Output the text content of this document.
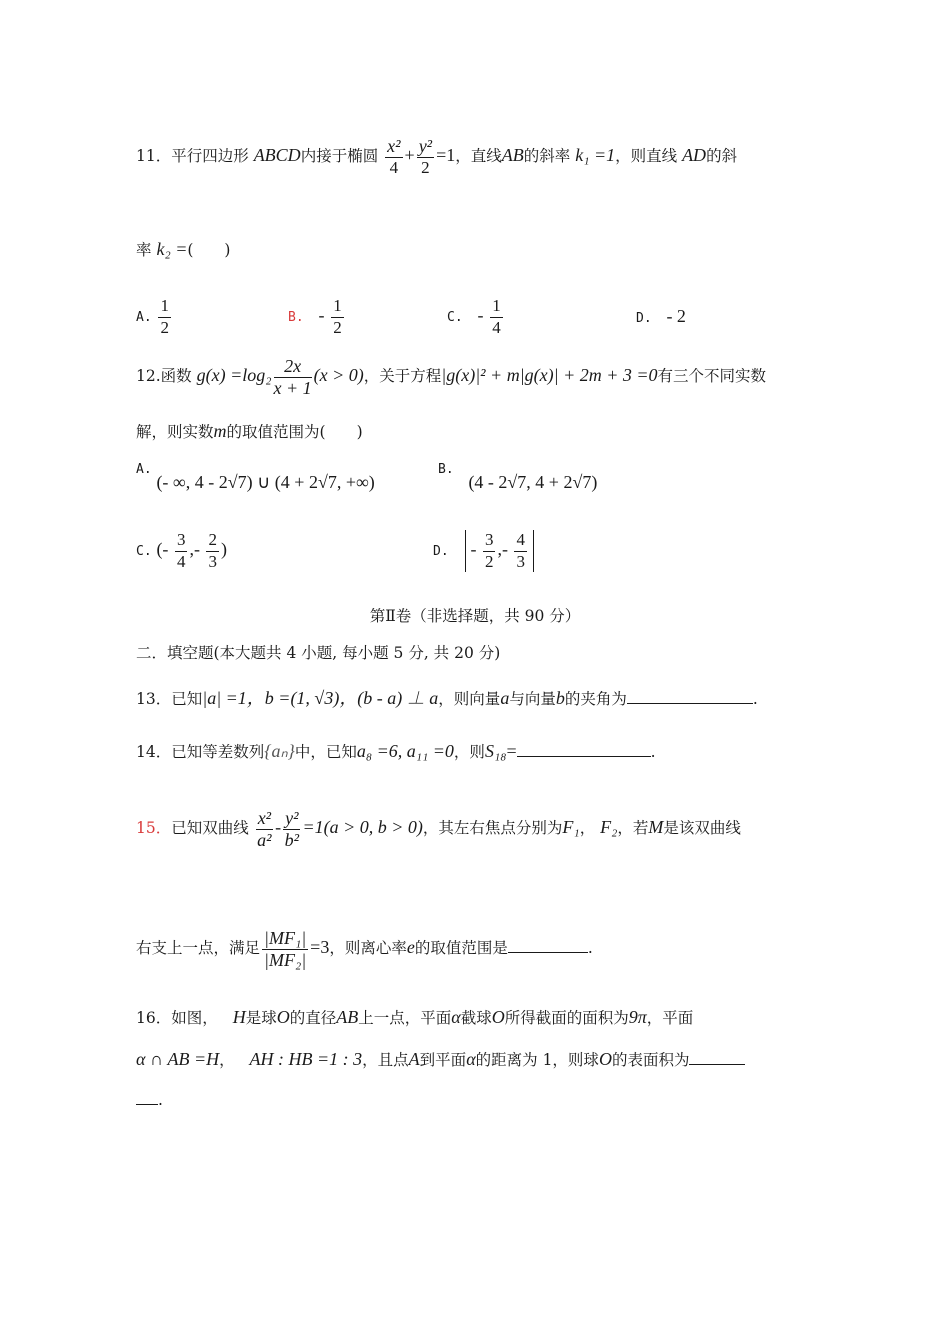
11．平行四边形 ABCD内接于椭圆 $\frac{\text{x²}}{4} + \frac{\text{y²}}{2} =1$，直线AB的斜率 k₁ =1，则直线 AD的斜
率 k₂ =(　　)
A. $\frac{1}{2}$	B. - $\frac{1}{2}$	C. - $\frac{1}{4}$	D. - 2
12.函数 $g(x) =\log_2 \frac{2x}{x + 1} (x > 0)$，关于方程|g(x)|² + m|g(x)| + 2m + 3 =0有三个不同实数
解，则实数m的取值范围为(　　)
A. (- ∞, 4 - 2√7) ∪ (4 + 2√7, +∞)
B. (4 - 2√7, 4 + 2√7)
C. (- $\frac{3}{4}$ ,- $\frac{2}{3}$ )	D. - $\frac{3}{2}$ ,- $\frac{4}{3}$
第Ⅱ卷（非选择题，共 90 分）
二．填空题(本大题共 4 小题, 每小题 5 分, 共 20 分)
13．已知|a| =1，b =(1, √3)，(b - a) ⊥ a，则向量a与向量b的夹角为	.
14．已知等差数列{aₙ}中，已知a₈ =6, a₁₁ =0，则S₁₈=	.
15．已知双曲线 $\frac{\text{x²}}{\text{a²}} - \frac{\text{y²}}{\text{b²}} =1(a > 0$, b > 0)，其左右焦点分别为F₁， F₂，若M是该双曲线
右支上一点，满足 $\frac{\text{|MF₁|}}{\text{|MF₂|}} =3$，则离心率e的取值范围是	.
16．如图， H是球O的直径AB上一点，平面α截球O所得截面的面积为9π，平面
α ∩ AB =H， AH : HB =1 : 3，且点A到平面α的距离为 1，则球O的表面积为
.
